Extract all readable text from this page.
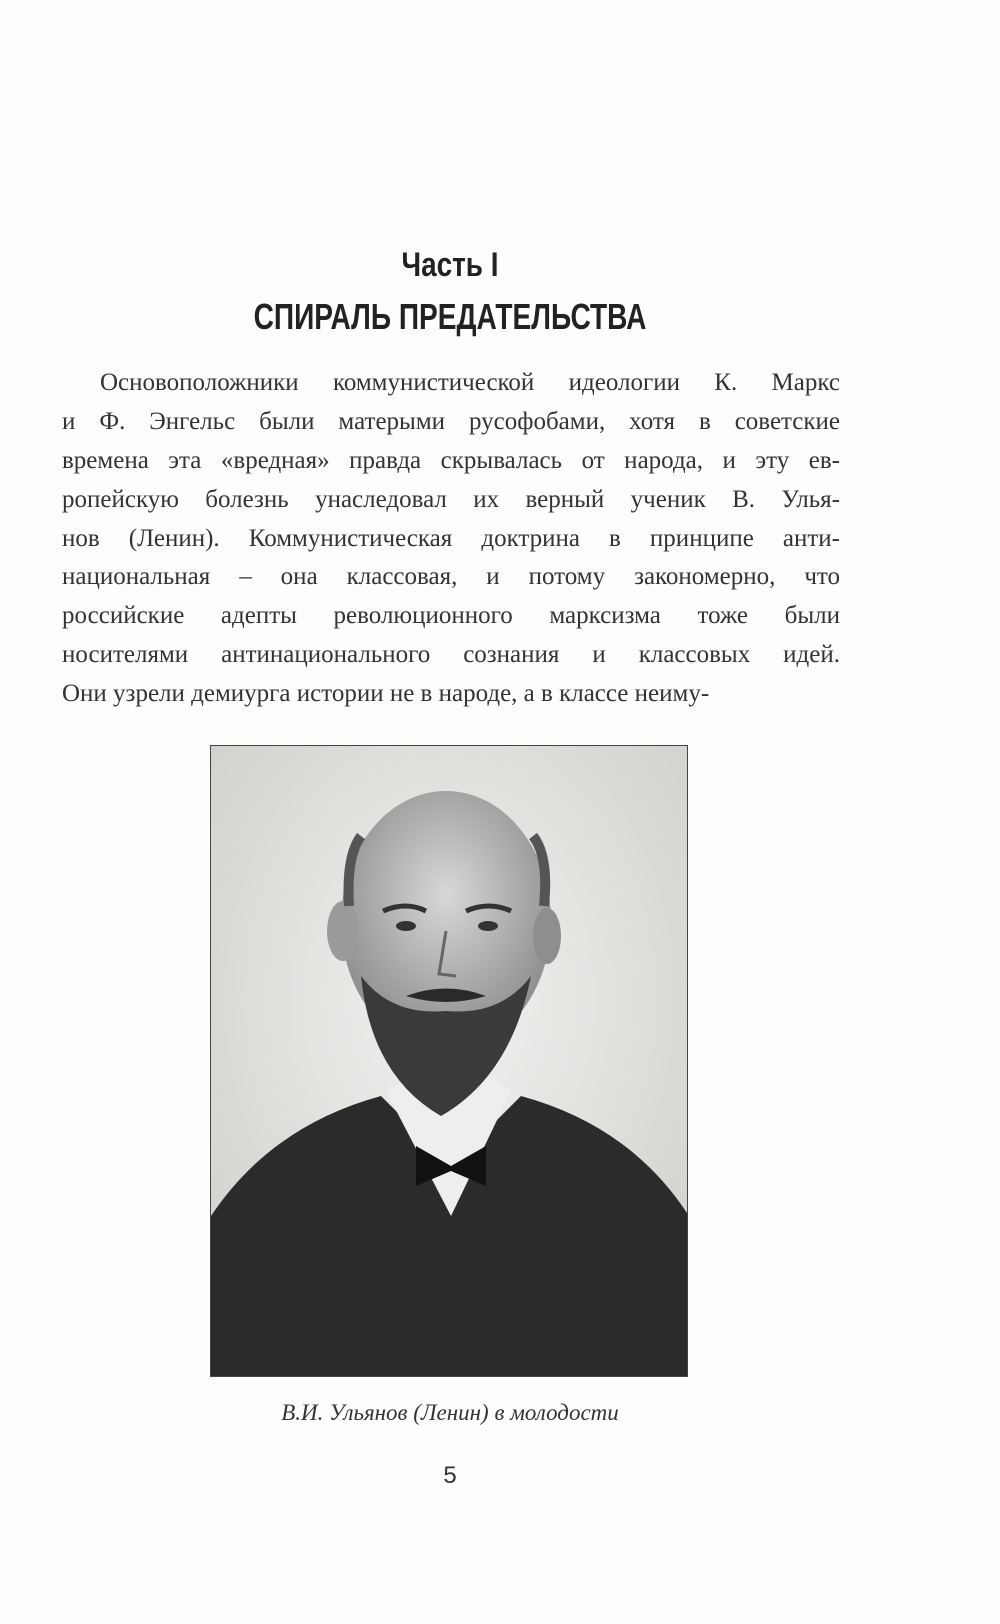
Часть I
СПИРАЛЬ ПРЕДАТЕЛЬСТВА
Основоположники коммунистической идеологии К. Маркс
и Ф. Энгельс были матерыми русофобами, хотя в советские
времена эта «вредная» правда скрывалась от народа, и эту ев-
ропейскую болезнь унаследовал их верный ученик В. Улья-
нов (Ленин). Коммунистическая доктрина в принципе анти-
национальная – она классовая, и потому закономерно, что
российские адепты революционного марксизма тоже были
носителями антинационального сознания и классовых идей.
Они узрели демиурга истории не в народе, а в классе неиму-
В.И. Ульянов (Ленин) в молодости
5
